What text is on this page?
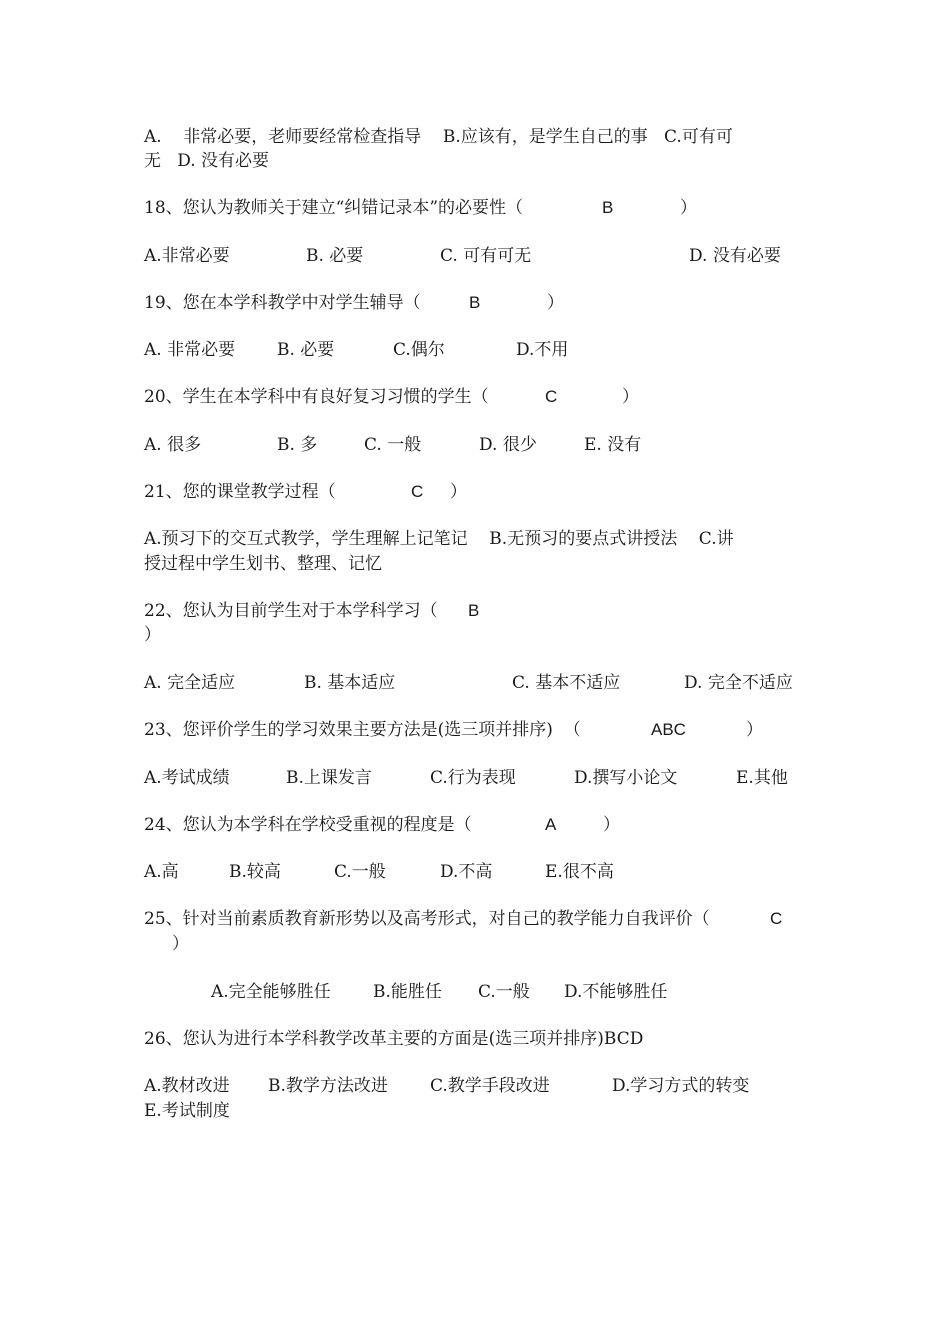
A.    非常必要，老师要经常检查指导    B.应该有，是学生自己的事   C.可有可
无   D. 没有必要
18、您认为教师关于建立“纠错记录本”的必要性（	B	）
A.非常必要	B. 必要	C. 可有可无	D. 没有必要
19、您在本学科教学中对学生辅导（	B	）
A. 非常必要 B. 必要	C.偶尔	D.不用
20、学生在本学科中有良好复习习惯的学生（	C	）
A. 很多	B. 多	C. 一般	D. 很少	E. 没有
21、您的课堂教学过程（	C ）
A.预习下的交互式教学，学生理解上记笔记    B.无预习的要点式讲授法    C.讲
授过程中学生划书、整理、记忆
22、您认为目前学生对于本学科学习（ B
）
A. 完全适应	B. 基本适应	C. 基本不适应	D. 完全不适应
23、您评价学生的学习效果主要方法是(选三项并排序)  （	ABC	）
A.考试成绩	B.上课发言	C.行为表现	D.撰写小论文	E.其他
24、您认为本学科在学校受重视的程度是（	A	）
A.高	B.较高	C.一般	D.不高	E.很不高
25、针对当前素质教育新形势以及高考形式，对自己的教学能力自我评价（	C
）
A.完全能够胜任 B.能胜任 C.一般 D.不能够胜任
26、您认为进行本学科教学改革主要的方面是(选三项并排序)BCD
A.教材改进 B.教学方法改进 C.教学手段改进	D.学习方式的转变
E.考试制度
